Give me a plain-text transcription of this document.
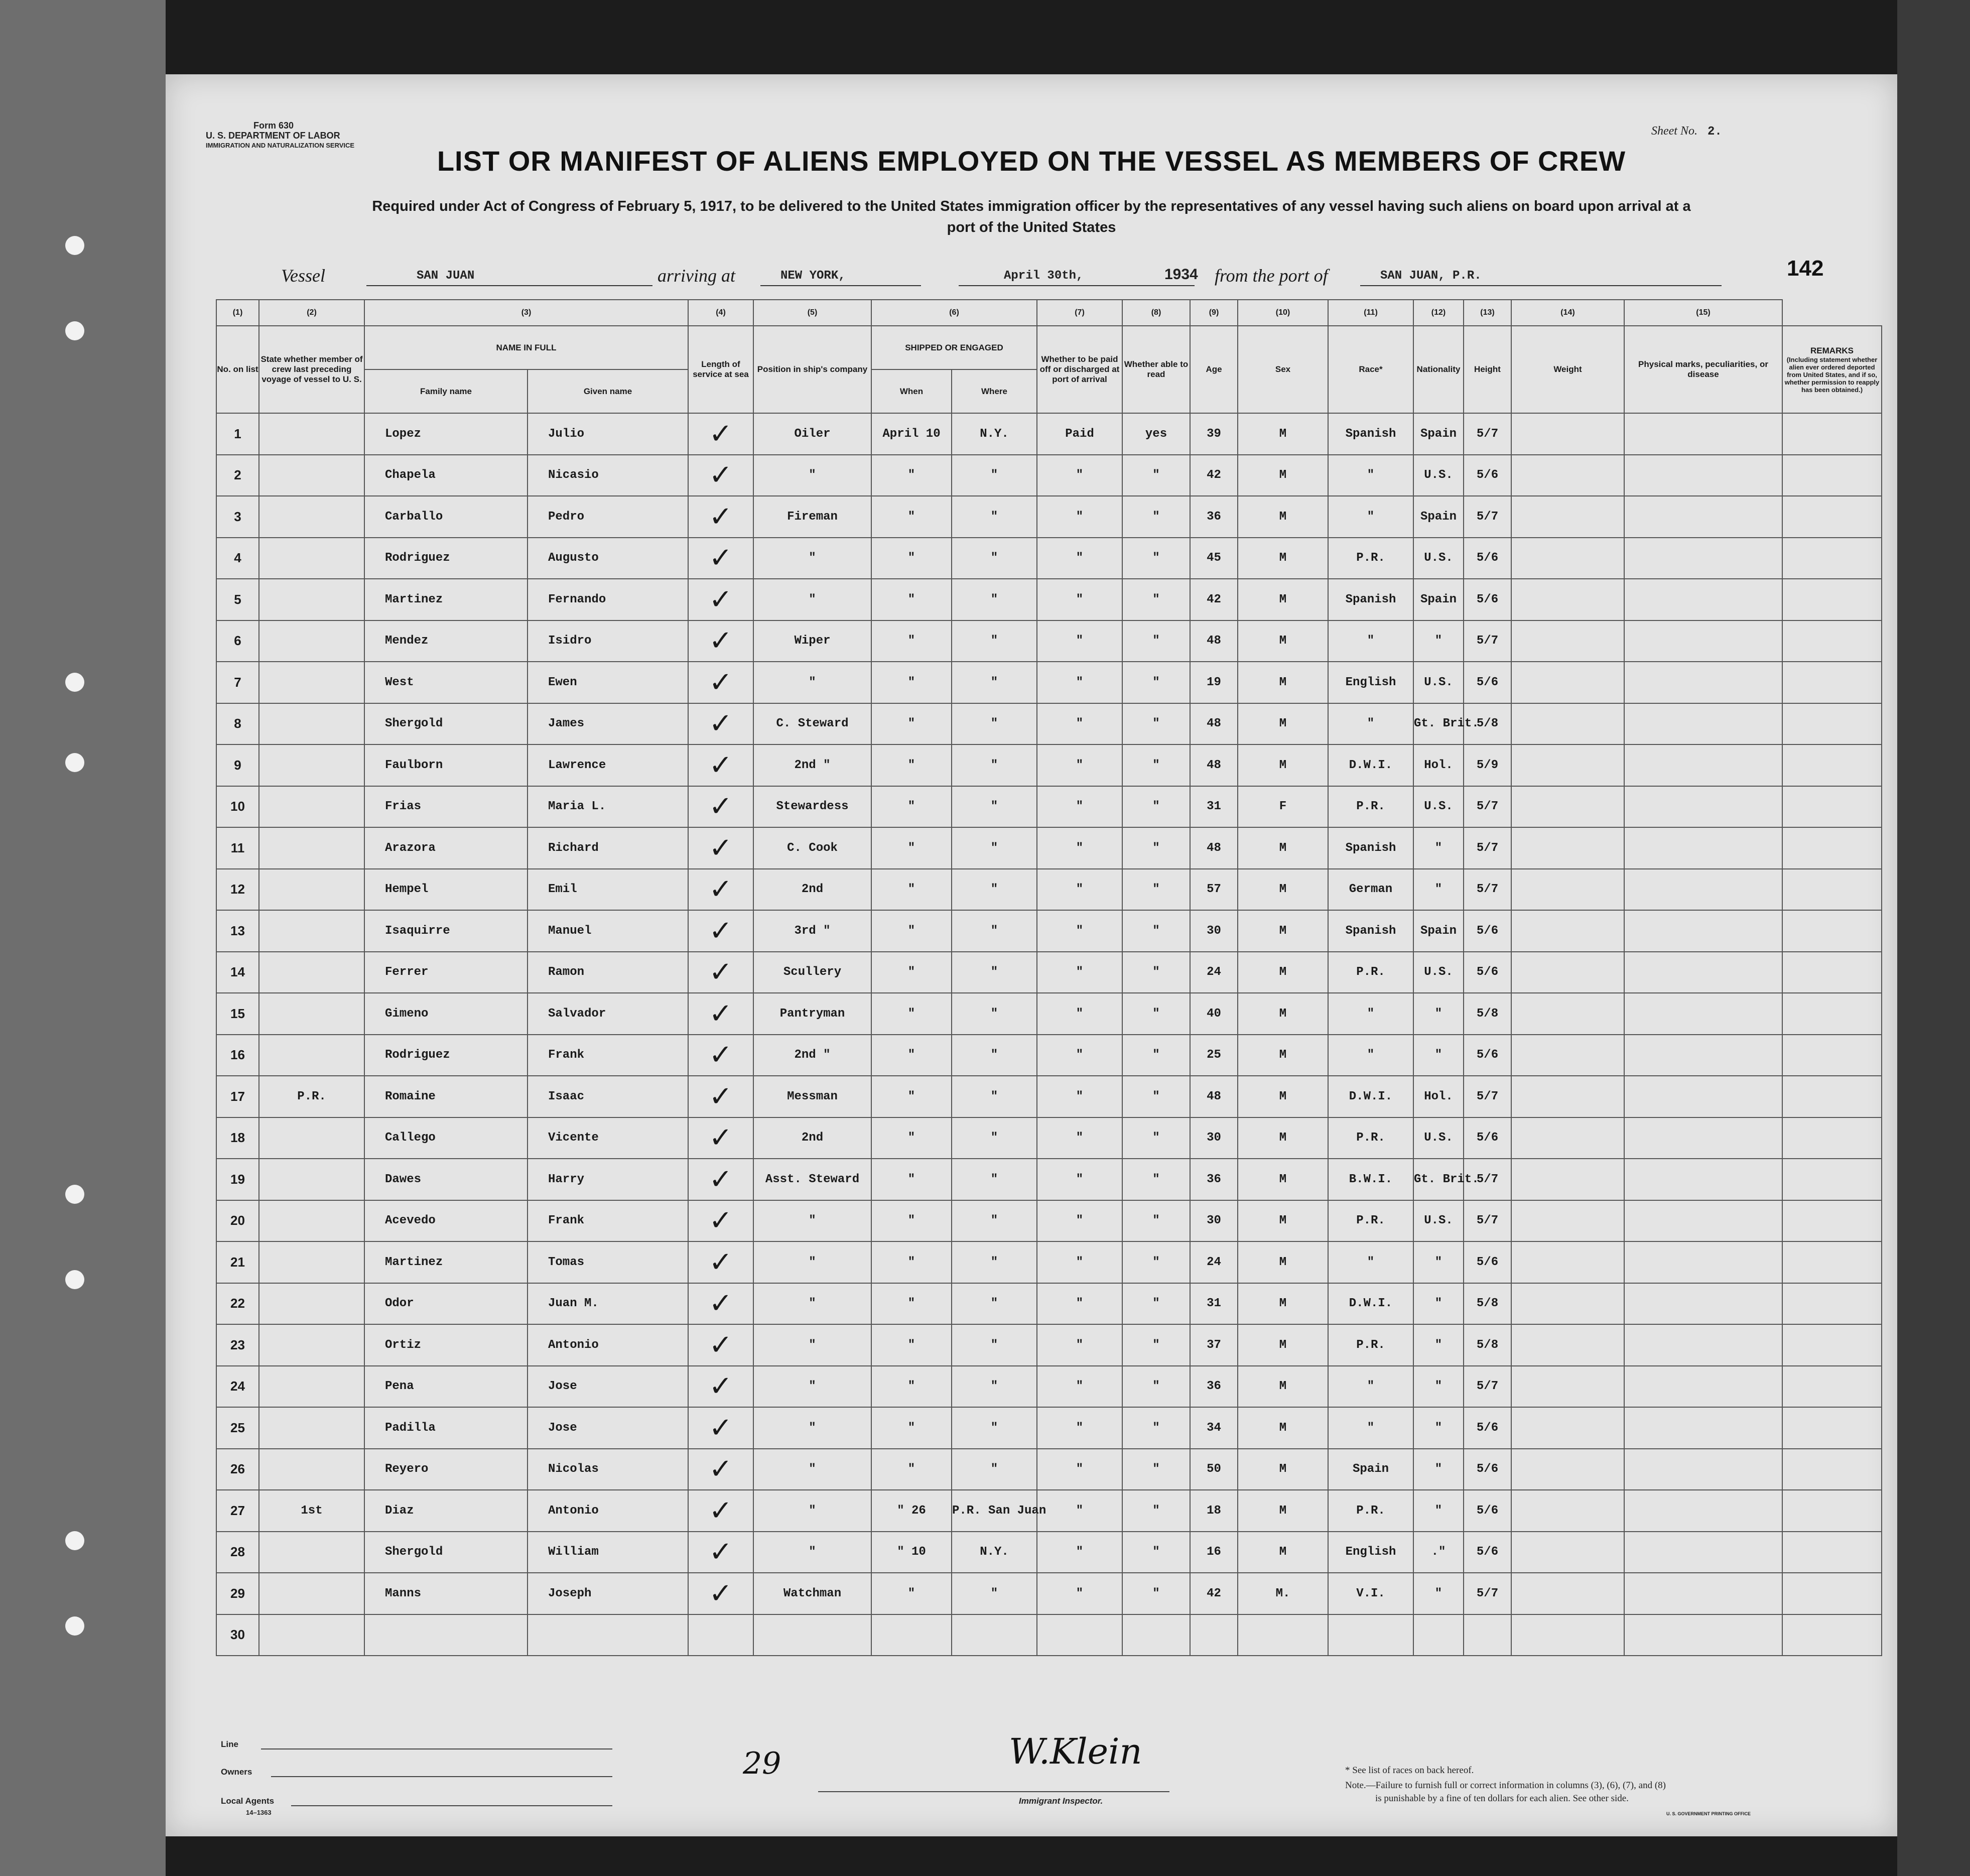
Form 630
U. S. DEPARTMENT OF LABOR
IMMIGRATION AND NATURALIZATION SERVICE
Sheet No. 2.
LIST OR MANIFEST OF ALIENS EMPLOYED ON THE VESSEL AS MEMBERS OF CREW
Required under Act of Congress of February 5, 1917, to be delivered to the United States immigration officer by the representatives of any vessel having such aliens on board upon arrival at a
port of the United States
Vessel	SAN JUAN	arriving at	NEW YORK,	April 30th,	1934 from the port of	SAN JUAN, P.R.	142
(1)	(2)	(3)		(4)	(5)	(6)		(7)	(8)	(9)	(10)	(11)	(12)	(13)	(14)	(15)	
No. on list	State whether member of crew last preceding voyage of vessel to U. S.	NAME IN FULL		Length of service at sea	Position in ship's company	SHIPPED OR ENGAGED		Whether to be paid off or discharged at port of arrival	Whether able to read	Age	Sex	Race*	Nationality	Height	Weight	Physical marks, peculiarities, or disease	REMARKS
(Including statement whether alien ever ordered deported from United States, and if so, whether permission to reapply has been obtained.)

		Family name	Given name			When	Where										
1		Lopez	Julio	✓	Oiler	April 10	N.Y.	Paid	yes	39	M	Spanish	Spain	5/7			
2		Chapela	Nicasio	✓	"	"	"	"	"	42	M	"	U.S.	5/6			
3		Carballo	Pedro	✓	Fireman	"	"	"	"	36	M	"	Spain	5/7			
4		Rodriguez	Augusto	✓	"	"	"	"	"	45	M	P.R.	U.S.	5/6			
5		Martinez	Fernando	✓	"	"	"	"	"	42	M	Spanish	Spain	5/6			
6		Mendez	Isidro	✓	Wiper	"	"	"	"	48	M	"	"	5/7			
7		West	Ewen	✓	"	"	"	"	"	19	M	English	U.S.	5/6			
8		Shergold	James	✓	C. Steward	"	"	"	"	48	M	"	Gt. Brit.	5/8			
9		Faulborn	Lawrence	✓	2nd "	"	"	"	"	48	M	D.W.I.	Hol.	5/9			
10		Frias	Maria L.	✓	Stewardess	"	"	"	"	31	F	P.R.	U.S.	5/7			
11		Arazora	Richard	✓	C. Cook	"	"	"	"	48	M	Spanish	"	5/7			
12		Hempel	Emil	✓	2nd	"	"	"	"	57	M	German	"	5/7			
13		Isaquirre	Manuel	✓	3rd "	"	"	"	"	30	M	Spanish	Spain	5/6			
14		Ferrer	Ramon	✓	Scullery	"	"	"	"	24	M	P.R.	U.S.	5/6			
15		Gimeno	Salvador	✓	Pantryman	"	"	"	"	40	M	"	"	5/8			
16		Rodriguez	Frank	✓	2nd "	"	"	"	"	25	M	"	"	5/6			
17	P.R.	Romaine	Isaac	✓	Messman	"	"	"	"	48	M	D.W.I.	Hol.	5/7			
18		Callego	Vicente	✓	2nd	"	"	"	"	30	M	P.R.	U.S.	5/6			
19		Dawes	Harry	✓	Asst. Steward	"	"	"	"	36	M	B.W.I.	Gt. Brit.	5/7			
20		Acevedo	Frank	✓	"	"	"	"	"	30	M	P.R.	U.S.	5/7			
21		Martinez	Tomas	✓	"	"	"	"	"	24	M	"	"	5/6			
22		Odor	Juan M.	✓	"	"	"	"	"	31	M	D.W.I.	"	5/8			
23		Ortiz	Antonio	✓	"	"	"	"	"	37	M	P.R.	"	5/8			
24		Pena	Jose	✓	"	"	"	"	"	36	M	"	"	5/7			
25		Padilla	Jose	✓	"	"	"	"	"	34	M	"	"	5/6			
26		Reyero	Nicolas	✓	"	"	"	"	"	50	M	Spain	"	5/6			
27	1st	Diaz	Antonio	✓	"	" 26	P.R. San Juan	"	"	18	M	P.R.	"	5/6			
28		Shergold	William	✓	"	" 10	N.Y.	"	"	16	M	English	."	5/6			
29		Manns	Joseph	✓	Watchman	"	"	"	"	42	M.	V.I.	"	5/7			
30																	
Line
Owners
Local Agents
14–1363
29	W.Klein
Immigrant Inspector.
* See list of races on back hereof.
Note.—Failure to furnish full or correct information in columns (3), (6), (7), and (8)
is punishable by a fine of ten dollars for each alien. See other side.
U. S. GOVERNMENT PRINTING OFFICE
